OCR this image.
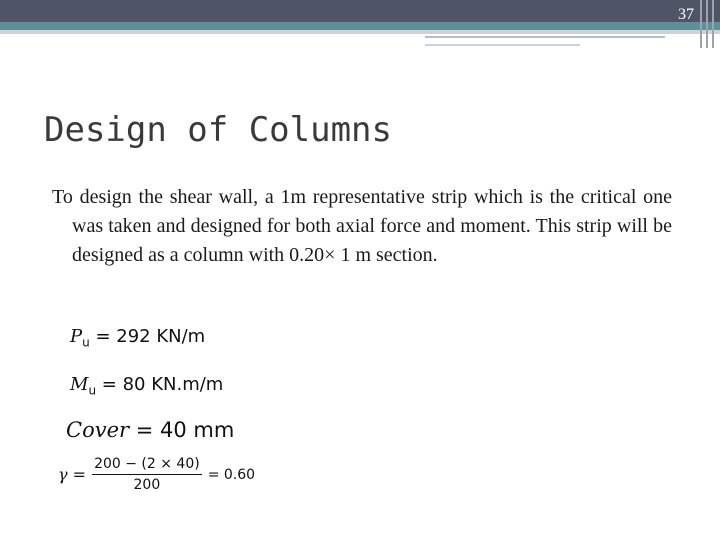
37
Design of Columns

To design the shear wall, a 1m representative strip which is the critical one was taken and designed for both axial force and moment. This strip will be designed as a column with 0.20× 1 m section.

$P_u = 292$ KN/m
$M_u = 80$ KN.m/m
Cover = 40 mm
$\gamma = \frac{200 - (2 \times 40)}{200} = 0.60$
